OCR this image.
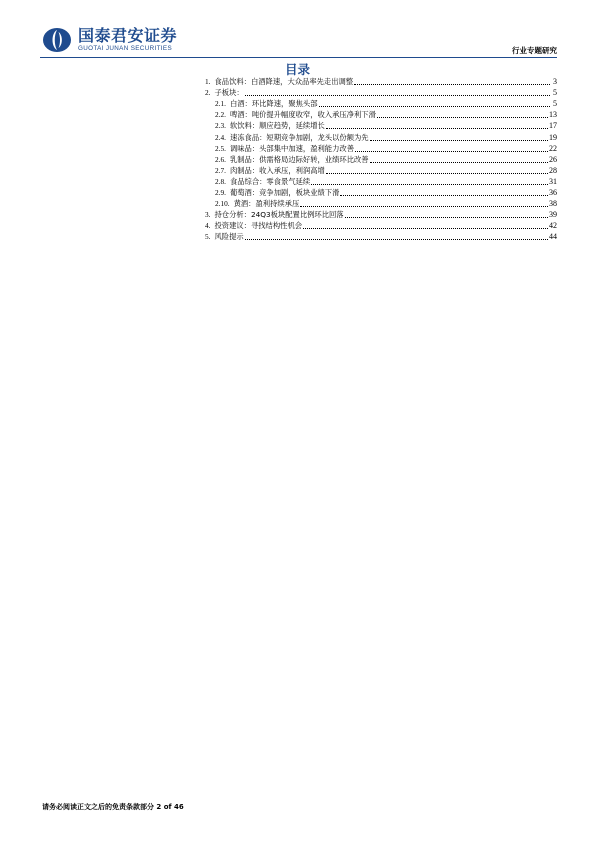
国泰君安证券
GUOTAI JUNAN SECURITIES	行业专题研究
目录
1. 食品饮料：白酒降速，大众品率先走出调整	3
2. 子板块：	5
2.1. 白酒：环比降速，聚焦头部	5
2.2. 啤酒：吨价提升幅度收窄，收入承压净利下滑	13
2.3. 软饮料：顺应趋势，延续增长	17
2.4. 速冻食品：短期竞争加剧，龙头以份额为先	19
2.5. 调味品：头部集中加速，盈利能力改善	22
2.6. 乳制品：供需格局边际好转，业绩环比改善	26
2.7. 肉制品：收入承压，利润高增	28
2.8. 食品综合：零食景气延续	31
2.9. 葡萄酒：竞争加剧，板块业绩下滑	36
2.10. 黄酒：盈利持续承压	38
3. 持仓分析：24Q3板块配置比例环比回落	39
4. 投资建议：寻找结构性机会	42
5. 风险提示	44
请务必阅读正文之后的免责条款部分 2 of 46
